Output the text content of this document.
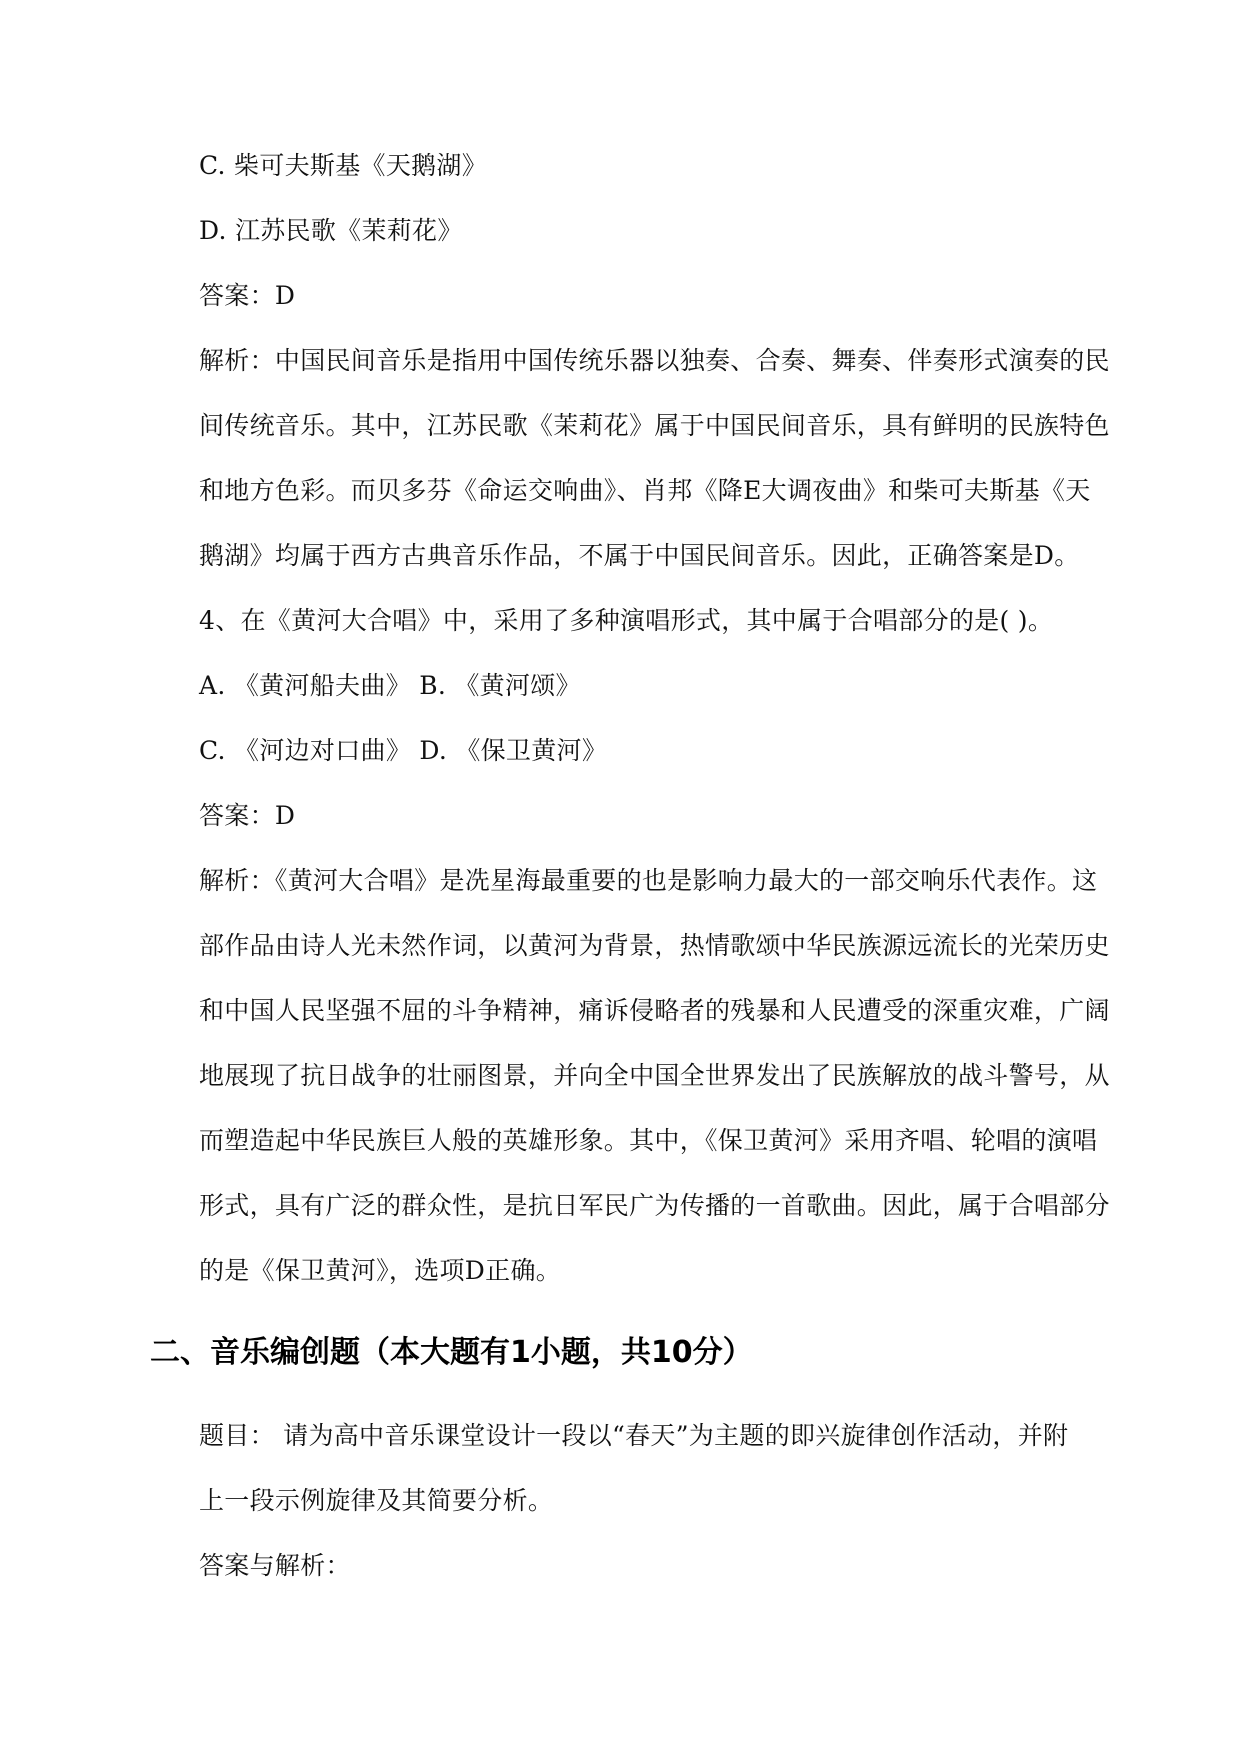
C. 柴可夫斯基《天鹅湖》
D. 江苏民歌《茉莉花》
答案：D
解析：中国民间音乐是指用中国传统乐器以独奏、合奏、舞奏、伴奏形式演奏的民
间传统音乐。其中，江苏民歌《茉莉花》属于中国民间音乐，具有鲜明的民族特色
和地方色彩。而贝多芬《命运交响曲》、肖邦《降E大调夜曲》和柴可夫斯基《天
鹅湖》均属于西方古典音乐作品，不属于中国民间音乐。因此，正确答案是D。
4、在《黄河大合唱》中，采用了多种演唱形式，其中属于合唱部分的是( )。
A. 《黄河船夫曲》 B. 《黄河颂》
C. 《河边对口曲》 D. 《保卫黄河》
答案：D
解析：《黄河大合唱》是冼星海最重要的也是影响力最大的一部交响乐代表作。这
部作品由诗人光未然作词，以黄河为背景，热情歌颂中华民族源远流长的光荣历史
和中国人民坚强不屈的斗争精神，痛诉侵略者的残暴和人民遭受的深重灾难，广阔
地展现了抗日战争的壮丽图景，并向全中国全世界发出了民族解放的战斗警号，从
而塑造起中华民族巨人般的英雄形象。其中，《保卫黄河》采用齐唱、轮唱的演唱
形式，具有广泛的群众性，是抗日军民广为传播的一首歌曲。因此，属于合唱部分
的是《保卫黄河》，选项D正确。
二、音乐编创题（本大题有1小题，共10分）
题目： 请为高中音乐课堂设计一段以“春天”为主题的即兴旋律创作活动，并附
上一段示例旋律及其简要分析。
答案与解析：
